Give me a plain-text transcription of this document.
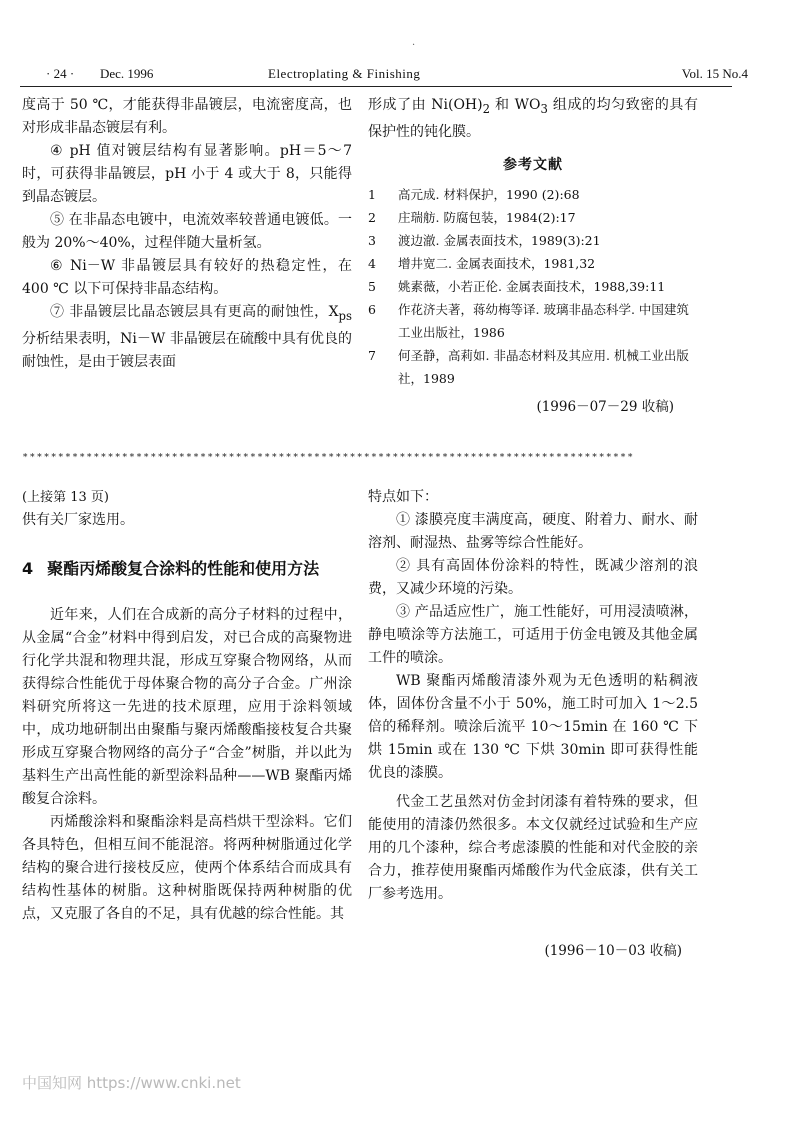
·
· 24 · Dec. 1996	Electroplating & Finishing	Vol. 15 No.4

度高于 50 ℃，才能获得非晶镀层，电流密度高，也对形成非晶态镀层有利。

④ pH 值对镀层结构有显著影响。pH＝5～7 时，可获得非晶镀层，pH 小于 4 或大于 8，只能得到晶态镀层。

⑤ 在非晶态电镀中，电流效率较普通电镀低。一般为 20%～40%，过程伴随大量析氢。

⑥ Ni－W 非晶镀层具有较好的热稳定性，在 400 ℃ 以下可保持非晶态结构。

⑦ 非晶镀层比晶态镀层具有更高的耐蚀性，$X_{ps}$ 分析结果表明，Ni－W 非晶镀层在硫酸中具有优良的耐蚀性，是由于镀层表面

形成了由 $Ni(OH)_2$ 和 $WO_3$ 组成的均匀致密的具有保护性的钝化膜。

参考文献
1 高元成. 材料保护，1990 (2):68
2 庄瑞舫. 防腐包装，1984(2):17
3 渡边澈. 金属表面技术，1989(3):21
4 增井宽二. 金属表面技术，1981,32
5 姚素薇，小若正伦. 金属表面技术，1988,39:11
6 作花济夫著，蒋幼梅等译. 玻璃非晶态科学. 中国建筑工业出版社，1986
7 何圣静，高莉如. 非晶态材料及其应用. 机械工业出版社，1989
(1996－07－29 收稿)
∗∗∗∗∗∗∗∗∗∗∗∗∗∗∗∗∗∗∗∗∗∗∗∗∗∗∗∗∗∗∗∗∗∗∗∗∗∗∗∗∗∗∗∗∗∗∗∗∗∗∗∗∗∗∗∗∗∗∗∗∗∗∗∗∗∗∗∗∗∗∗∗∗∗∗∗∗∗∗∗∗∗∗∗∗∗

(上接第 13 页)

供有关厂家选用。

4 聚酯丙烯酸复合涂料的性能和使用方法

近年来，人们在合成新的高分子材料的过程中，从金属“合金”材料中得到启发，对已合成的高聚物进行化学共混和物理共混，形成互穿聚合物网络，从而获得综合性能优于母体聚合物的高分子合金。广州涂料研究所将这一先进的技术原理，应用于涂料领域中，成功地研制出由聚酯与聚丙烯酸酯接枝复合共聚形成互穿聚合物网络的高分子“合金”树脂，并以此为基料生产出高性能的新型涂料品种——WB 聚酯丙烯酸复合涂料。

丙烯酸涂料和聚酯涂料是高档烘干型涂料。它们各具特色，但相互间不能混溶。将两种树脂通过化学结构的聚合进行接枝反应，使两个体系结合而成具有结构性基体的树脂。这种树脂既保持两种树脂的优点，又克服了各自的不足，具有优越的综合性能。其

特点如下：

① 漆膜亮度丰满度高，硬度、附着力、耐水、耐溶剂、耐湿热、盐雾等综合性能好。

② 具有高固体份涂料的特性，既减少溶剂的浪费，又减少环境的污染。

③ 产品适应性广，施工性能好，可用浸渍喷淋，静电喷涂等方法施工，可适用于仿金电镀及其他金属工件的喷涂。

WB 聚酯丙烯酸清漆外观为无色透明的粘稠液体，固体份含量不小于 50%，施工时可加入 1～2.5 倍的稀释剂。喷涂后流平 10～15min 在 160 ℃ 下烘 15min 或在 130 ℃ 下烘 30min 即可获得性能优良的漆膜。

代金工艺虽然对仿金封闭漆有着特殊的要求，但能使用的清漆仍然很多。本文仅就经过试验和生产应用的几个漆种，综合考虑漆膜的性能和对代金胶的亲合力，推荐使用聚酯丙烯酸作为代金底漆，供有关工厂参考选用。

(1996－10－03 收稿)
中国知网 https://www.cnki.net
